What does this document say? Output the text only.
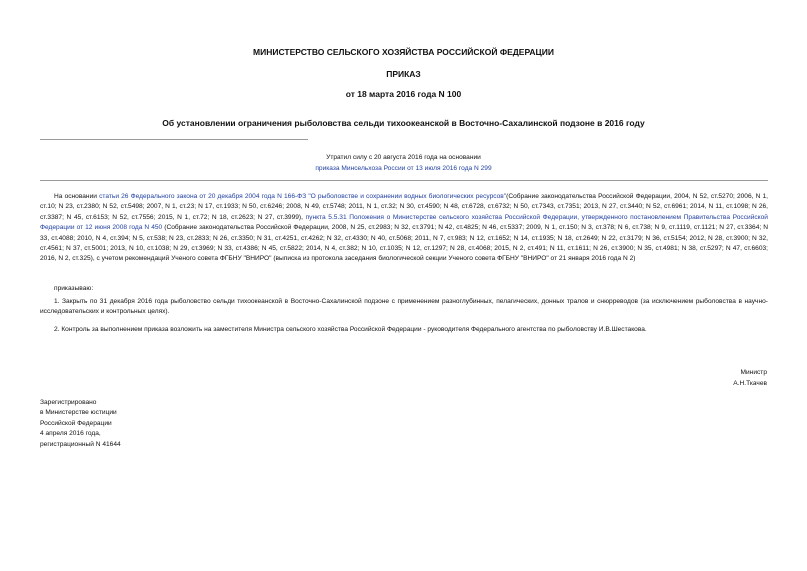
МИНИСТЕРСТВО СЕЛЬСКОГО ХОЗЯЙСТВА РОССИЙСКОЙ ФЕДЕРАЦИИ
ПРИКАЗ
от 18 марта 2016 года N 100
Об установлении ограничения рыболовства сельди тихоокеанской в Восточно-Сахалинской подзоне в 2016 году
Утратил силу с 20 августа 2016 года на основании
приказа Минсельхоза России от 13 июля 2016 года N 299
На основании статьи 26 Федерального закона от 20 декабря 2004 года N 166-ФЗ "О рыболовстве и сохранении водных биологических ресурсов"(Собрание законодательства Российской Федерации, 2004, N 52, ст.5270; 2006, N 1, ст.10; N 23, ст.2380; N 52, ст.5498; 2007, N 1, ст.23; N 17, ст.1933; N 50, ст.6246; 2008, N 49, ст.5748; 2011, N 1, ст.32; N 30, ст.4590; N 48, ст.6728, ст.6732; N 50, ст.7343, ст.7351; 2013, N 27, ст.3440; N 52, ст.6961; 2014, N 11, ст.1098; N 26, ст.3387; N 45, ст.6153; N 52, ст.7556; 2015, N 1, ст.72; N 18, ст.2623; N 27, ст.3999), пункта 5.5.31 Положения о Министерстве сельского хозяйства Российской Федерации, утвержденного постановлением Правительства Российской Федерации от 12 июня 2008 года N 450 (Собрание законодательства Российской Федерации, 2008, N 25, ст.2983; N 32, ст.3791; N 42, ст.4825; N 46, ст.5337; 2009, N 1, ст.150; N 3, ст.378; N 6, ст.738; N 9, ст.1119, ст.1121; N 27, ст.3364; N 33, ст.4088; 2010, N 4, ст.394; N 5, ст.538; N 23, ст.2833; N 26, ст.3350; N 31, ст.4251, ст.4262; N 32, ст.4330; N 40, ст.5068; 2011, N 7, ст.983; N 12, ст.1652; N 14, ст.1935; N 18, ст.2649; N 22, ст.3179; N 36, ст.5154; 2012, N 28, ст.3900; N 32, ст.4561; N 37, ст.5001; 2013, N 10, ст.1038; N 29, ст.3969; N 33, ст.4386; N 45, ст.5822; 2014, N 4, ст.382; N 10, ст.1035; N 12, ст.1297; N 28, ст.4068; 2015, N 2, ст.491; N 11, ст.1611; N 26, ст.3900; N 35, ст.4981; N 38, ст.5297; N 47, ст.6603; 2016, N 2, ст.325), с учетом рекомендаций Ученого совета ФГБНУ "ВНИРО" (выписка из протокола заседания биологической секции Ученого совета ФГБНУ "ВНИРО" от 21 января 2016 года N 2)
приказываю:
1. Закрыть по 31 декабря 2016 года рыболовство сельди тихоокеанской в Восточно-Сахалинской подзоне с применением разноглубинных, пелагических, донных тралов и снюрреводов (за исключением рыболовства в научно-исследовательских и контрольных целях).
2. Контроль за выполнением приказа возложить на заместителя Министра сельского хозяйства Российской Федерации - руководителя Федерального агентства по рыболовству И.В.Шестакова.
Министр
А.Н.Ткачев
Зарегистрировано
в Министерстве юстиции
Российской Федерации
4 апреля 2016 года,
регистрационный N 41644
